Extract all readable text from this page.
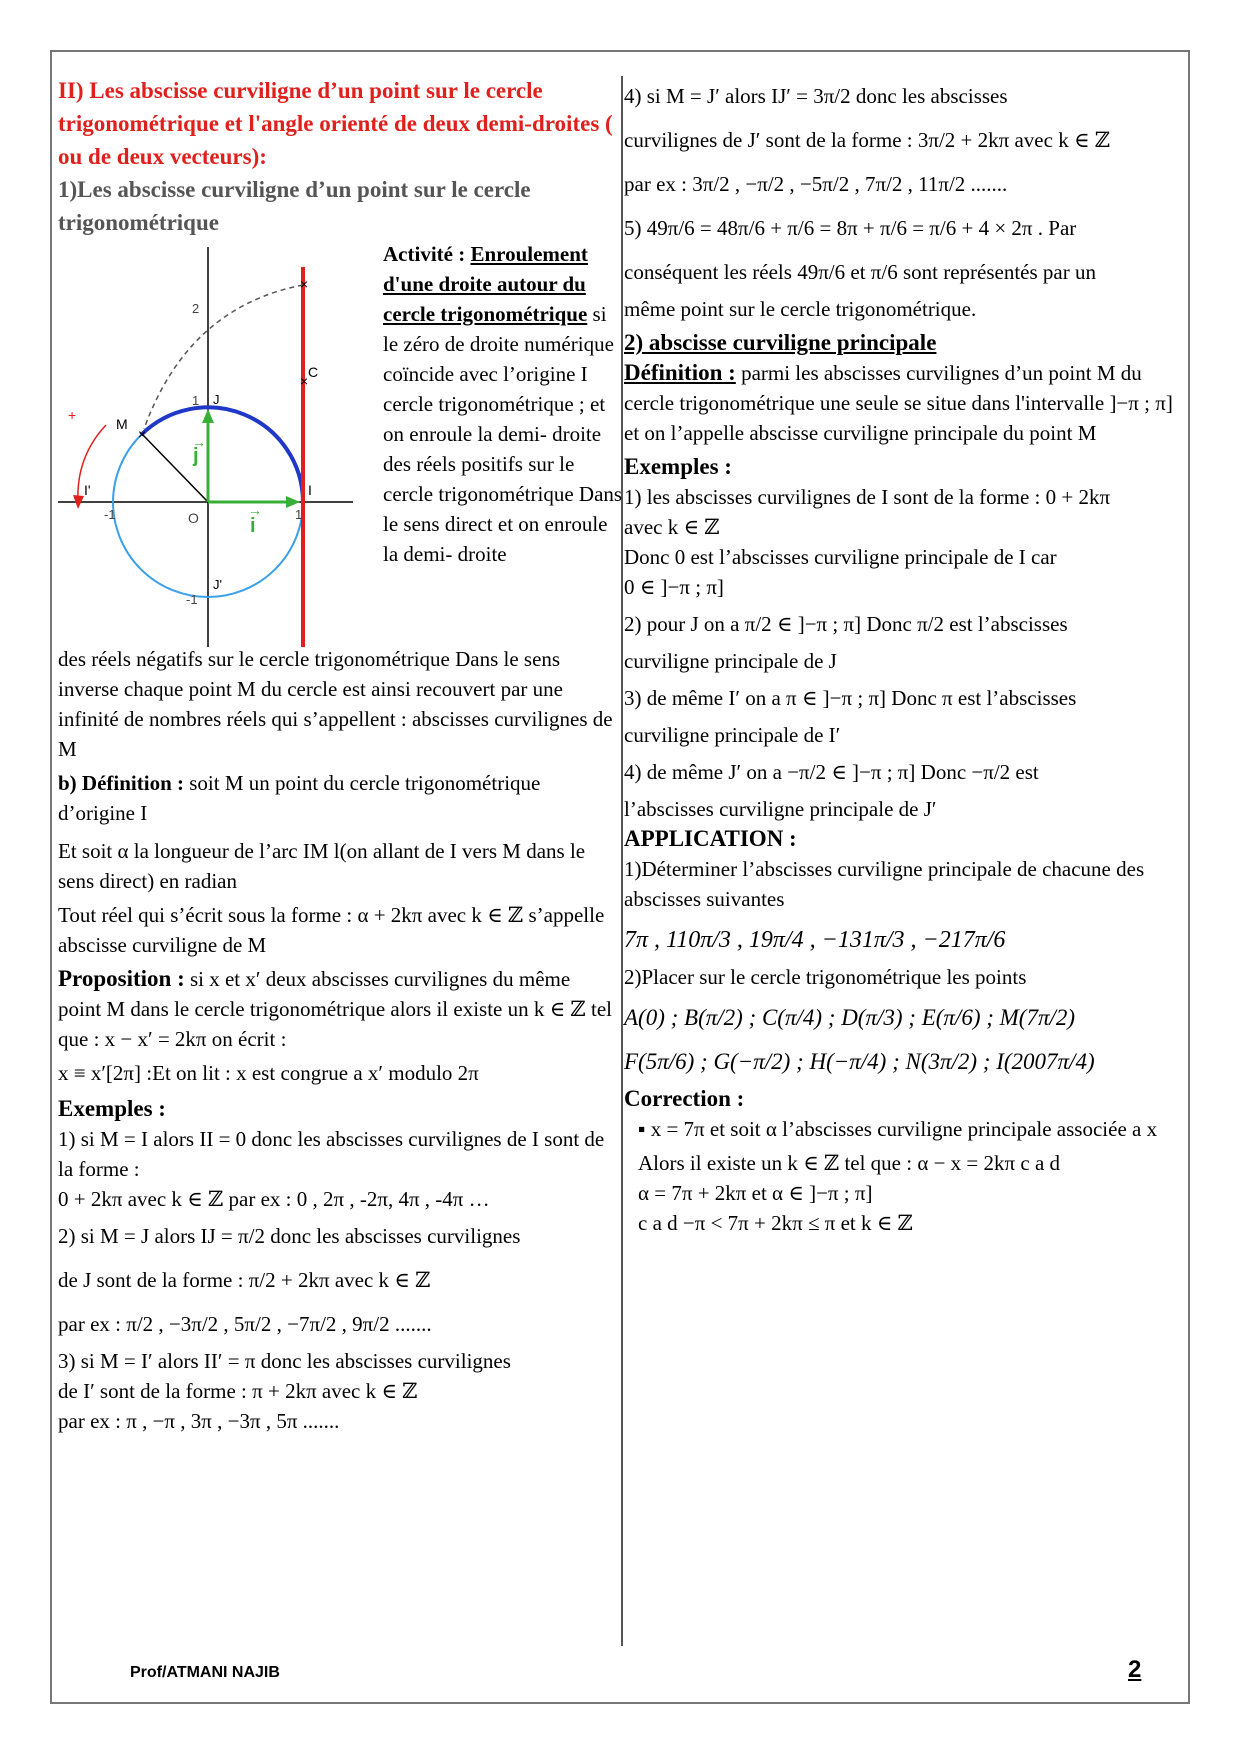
II) Les abscisse curviligne d’un point sur le cercle trigonométrique et l'angle orienté de deux demi-droites ( ou de deux vecteurs):
1)Les abscisse curviligne d’un point sur le cercle trigonométrique
×
×
×
2
J
1
C
M
j
→
I'	I
-1	O	i
→	1
J'
-1
+
Activité : Enroulement d'une droite autour du cercle trigonométrique si le zéro de droite numérique coïncide avec l’origine I cercle trigonométrique ; et on enroule la demi- droite des réels positifs sur le cercle trigonométrique Dans le sens direct et on enroule la demi- droite
des réels négatifs sur le cercle trigonométrique Dans le sens inverse chaque point M du cercle est ainsi recouvert par une infinité de nombres réels qui s’appellent : abscisses curvilignes de M
b) Définition : soit M un point du cercle trigonométrique d’origine I
Et soit α la longueur de l’arc IM l(on allant de I vers M dans le sens direct) en radian
Tout réel qui s’écrit sous la forme : α + 2kπ avec k ∈ ℤ s’appelle abscisse curviligne de M
Proposition : si x et x′ deux abscisses curvilignes du même point M dans le cercle trigonométrique alors il existe un k ∈ ℤ tel que : x − x′ = 2kπ on écrit :
x ≡ x′[2π] :Et on lit : x est congrue a x′ modulo 2π
Exemples :
1) si M = I alors II = 0 donc les abscisses curvilignes de I sont de la forme :
0 + 2kπ avec k ∈ ℤ par ex : 0 , 2π , -2π, 4π , -4π …
2) si M = J alors IJ = π/2 donc les abscisses curvilignes
de J sont de la forme : π/2 + 2kπ avec k ∈ ℤ
par ex : π/2 , −3π/2 , 5π/2 , −7π/2 , 9π/2 .......
3) si M = I′ alors II′ = π donc les abscisses curvilignes
de I′ sont de la forme : π + 2kπ avec k ∈ ℤ
par ex : π , −π , 3π , −3π , 5π .......
4) si M = J′ alors IJ′ = 3π/2 donc les abscisses
curvilignes de J′ sont de la forme : 3π/2 + 2kπ avec k ∈ ℤ
par ex : 3π/2 , −π/2 , −5π/2 , 7π/2 , 11π/2 .......
5) 49π/6 = 48π/6 + π/6 = 8π + π/6 = π/6 + 4 × 2π . Par
conséquent les réels 49π/6 et π/6 sont représentés par un
même point sur le cercle trigonométrique.
2) abscisse curviligne principale
Définition : parmi les abscisses curvilignes d’un point M du cercle trigonométrique une seule se situe dans l'intervalle ]−π ; π] et on l’appelle abscisse curviligne principale du point M
Exemples :
1) les abscisses curvilignes de I sont de la forme : 0 + 2kπ
avec k ∈ ℤ
Donc 0 est l’abscisses curviligne principale de I car
0 ∈ ]−π ; π]
2) pour J on a π/2 ∈ ]−π ; π] Donc π/2 est l’abscisses
curviligne principale de J
3) de même I′ on a π ∈ ]−π ; π] Donc π est l’abscisses
curviligne principale de I′
4) de même J′ on a −π/2 ∈ ]−π ; π] Donc −π/2 est
l’abscisses curviligne principale de J′
APPLICATION :
1)Déterminer l’abscisses curviligne principale de chacune des abscisses suivantes
7π , 110π/3 , 19π/4 , −131π/3 , −217π/6
2)Placer sur le cercle trigonométrique les points
A(0) ; B(π/2) ; C(π/4) ; D(π/3) ; E(π/6) ; M(7π/2)
F(5π/6) ; G(−π/2) ; H(−π/4) ; N(3π/2) ; I(2007π/4)
Correction :
▪ x = 7π et soit α l’abscisses curviligne principale associée a x
Alors il existe un k ∈ ℤ tel que : α − x = 2kπ c a d
α = 7π + 2kπ et α ∈ ]−π ; π]
c a d −π < 7π + 2kπ ≤ π et k ∈ ℤ
Prof/ATMANI NAJIB	2
